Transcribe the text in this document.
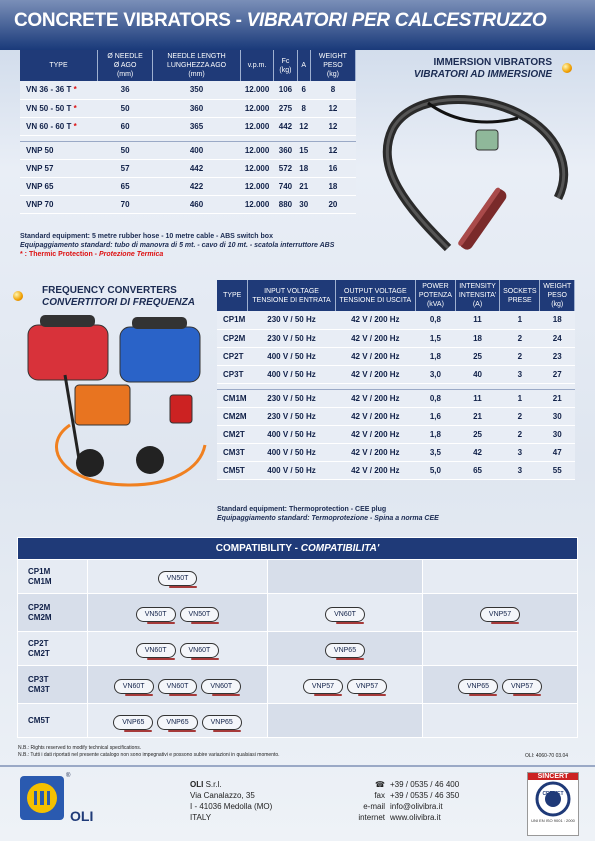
CONCRETE VIBRATORS - VIBRATORI PER CALCESTRUZZO
TYPE	Ø NEEDLE
Ø AGO
(mm)	NEEDLE LENGTH
LUNGHEZZA AGO
(mm)	v.p.m.	Fc
(kg)	A	WEIGHT
PESO
(kg)
VN 36 - 36 T *	36	350	12.000	106	6	8
VN 50 - 50 T *	50	360	12.000	275	8	12
VN 60 - 60 T *	60	365	12.000	442	12	12

VNP 50	50	400	12.000	360	15	12
VNP 57	57	442	12.000	572	18	16
VNP 65	65	422	12.000	740	21	18
VNP 70	70	460	12.000	880	30	20
Standard equipment: 5 metre rubber hose - 10 metre cable - ABS switch box
Equipaggiamento standard: tubo di manovra di 5 mt. - cavo di 10 mt. - scatola interruttore ABS
* : Thermic Protection - Protezione Termica
IMMERSION VIBRATORS
VIBRATORI AD IMMERSIONE
FREQUENCY CONVERTERS
CONVERTITORI DI FREQUENZA
TYPE	INPUT VOLTAGE
TENSIONE DI ENTRATA	OUTPUT VOLTAGE
TENSIONE DI USCITA	POWER
POTENZA
(kVA)	INTENSITY
INTENSITA'
(A)	SOCKETS
PRESE	WEIGHT
PESO
(kg)
CP1M	230 V / 50 Hz	42 V / 200 Hz	0,8	11	1	18
CP2M	230 V / 50 Hz	42 V / 200 Hz	1,5	18	2	24
CP2T	400 V / 50 Hz	42 V / 200 Hz	1,8	25	2	23
CP3T	400 V / 50 Hz	42 V / 200 Hz	3,0	40	3	27

CM1M	230 V / 50 Hz	42 V / 200 Hz	0,8	11	1	21
CM2M	230 V / 50 Hz	42 V / 200 Hz	1,6	21	2	30
CM2T	400 V / 50 Hz	42 V / 200 Hz	1,8	25	2	30
CM3T	400 V / 50 Hz	42 V / 200 Hz	3,5	42	3	47
CM5T	400 V / 50 Hz	42 V / 200 Hz	5,0	65	3	55
Standard equipment: Thermoprotection - CEE plug
Equipaggiamento standard: Termoprotezione - Spina a norma CEE
COMPATIBILITY - COMPATIBILITA'			
CP1M
CM1M	VN50T		
CP2M
CM2M	VN50T VN50T	VN60T	VNP57
CP2T
CM2T	VN60T VN60T	VNP65	
CP3T
CM3T	VN60T VN60T VN60T	VNP57 VNP57	VNP65 VNP57
CM5T	VNP65 VNP65 VNP65		
N.B.: Rights reserved to modify technical specifications.
N.B.: Tutti i dati riportati nel presente catalogo non sono impegnativi e possono subire variazioni in qualsiasi momento.	OLI: 4060-70 03.04
®
OLI
OLI S.r.l.
Via Canalazzo, 35
I - 41036 Medolla (MO)
ITALY
☎
fax
e-mail
internet
+39 / 0535 / 46 400
+39 / 0535 / 46 350
info@olivibra.it
www.olivibra.it
SINCERT
CERMET
UNI EN ISO 9001 : 2000
